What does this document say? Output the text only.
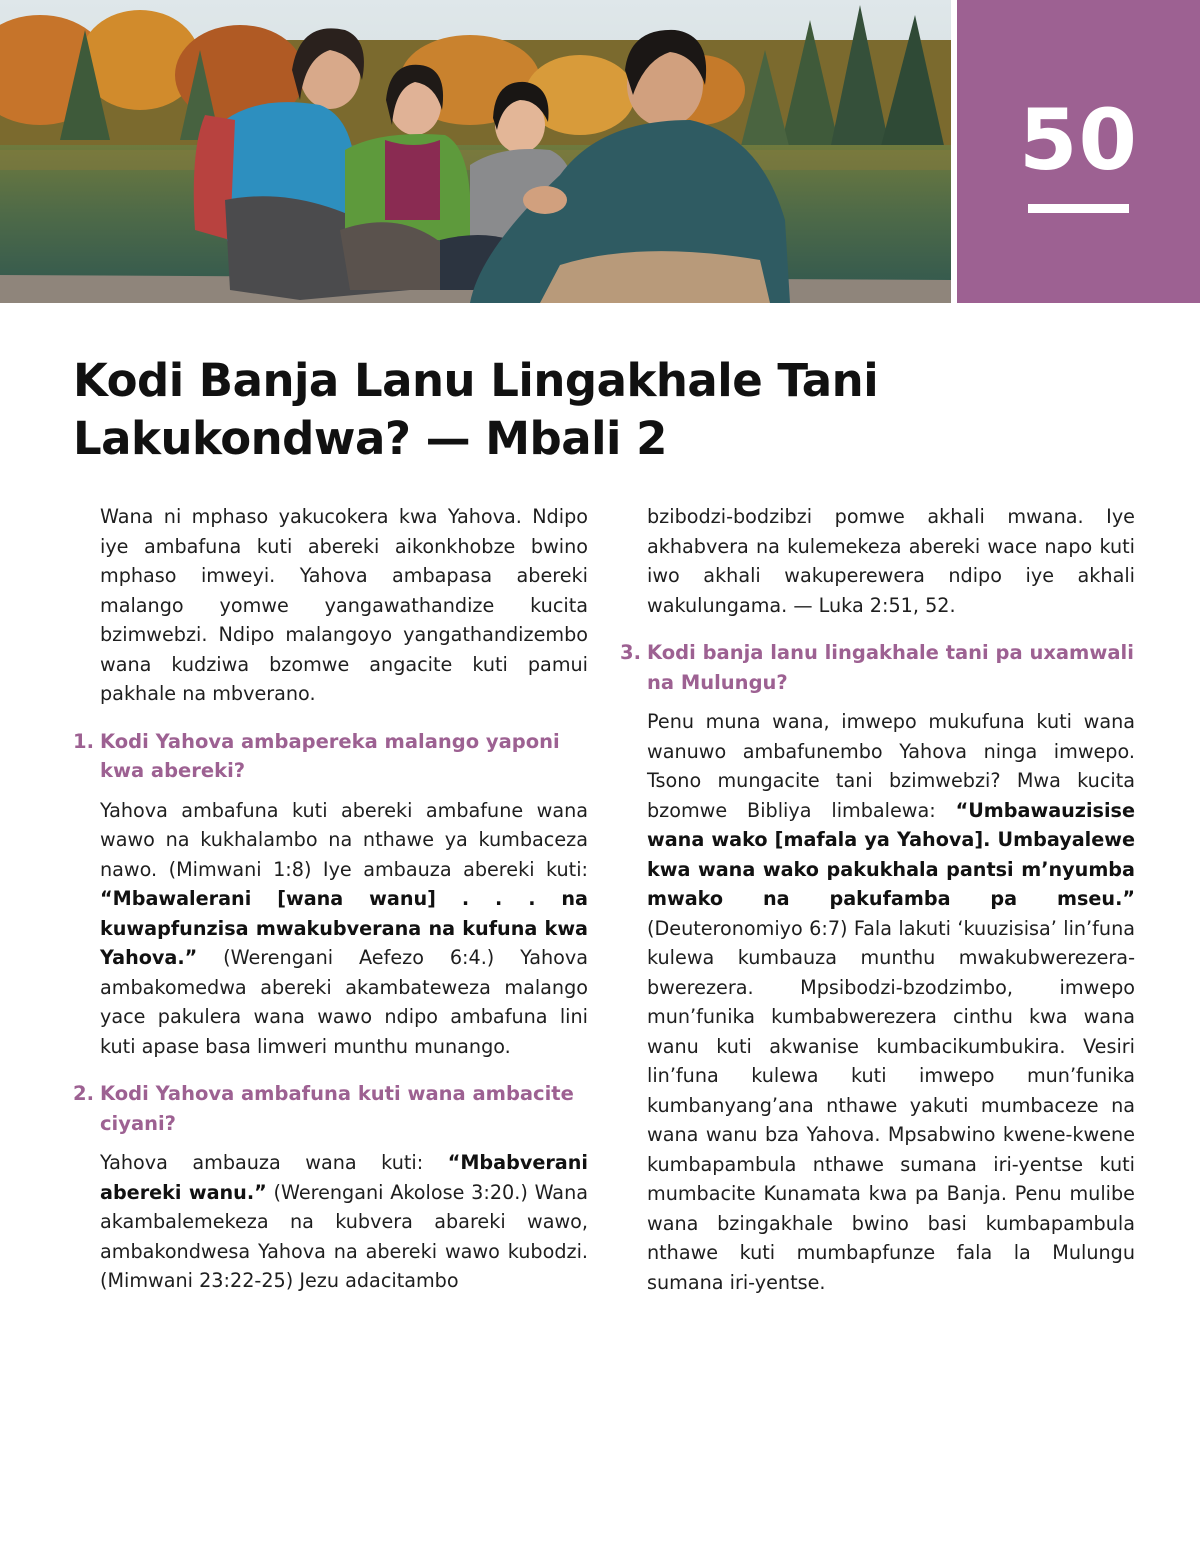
50
Kodi Banja Lanu Lingakhale Tani Lakukondwa? — Mbali 2

Wana ni mphaso yakucokera kwa Yahova. Ndipo iye ambafuna kuti abereki aikonkhobze bwino mphaso imweyi. Yahova ambapasa abereki malango yomwe yangawathandize kucita bzimwebzi. Ndipo malangoyo yangathandizembo wana kudziwa bzomwe angacite kuti pamui pakhale na mbverano.

1. Kodi Yahova ambapereka malango yaponi kwa abereki?

Yahova ambafuna kuti abereki ambafune wana wawo na kukhalambo na nthawe ya kumbaceza nawo. (Mimwani 1:8) Iye ambauza abereki kuti: “Mbawalerani [wana wanu] . . . na kuwapfunzisa mwakubverana na kufuna kwa Yahova.” (Werengani Aefezo 6:4.) Yahova ambakomedwa abereki akambateweza malango yace pakulera wana wawo ndipo ambafuna lini kuti apase basa limweri munthu munango.

2. Kodi Yahova ambafuna kuti wana ambacite ciyani?

Yahova ambauza wana kuti: “Mbabverani abereki wanu.” (Werengani Akolose 3:20.) Wana akambalemekeza na kubvera abareki wawo, ambakondwesa Yahova na abereki wawo kubodzi. (Mimwani 23:22-25) Jezu adacitambo

bzibodzi-bodzibzi pomwe akhali mwana. Iye akhabvera na kulemekeza abereki wace napo kuti iwo akhali wakuperewera ndipo iye akhali wakulungama. — Luka 2:51, 52.

3. Kodi banja lanu lingakhale tani pa uxamwali na Mulungu?

Penu muna wana, imwepo mukufuna kuti wana wanuwo ambafunembo Yahova ninga imwepo. Tsono mungacite tani bzimwebzi? Mwa kucita bzomwe Bibliya limbalewa: “Umbawauzisise wana wako [mafala ya Yahova]. Umbayalewe kwa wana wako pakukhala pantsi m’nyumba mwako na pakufamba pa mseu.” (Deuteronomiyo 6:7) Fala lakuti ‘kuuzisisa’ lin’funa kulewa kumbauza munthu mwakubwerezera-bwerezera. Mpsibodzi-bzodzimbo, imwepo mun’funika kumbabwerezera cinthu kwa wana wanu kuti akwanise kumbacikumbukira. Vesiri lin’funa kulewa kuti imwepo mun’funika kumbanyang’ana nthawe yakuti mumbaceze na wana wanu bza Yahova. Mpsabwino kwene-kwene kumbapambula nthawe sumana iri-yentse kuti mumbacite Kunamata kwa pa Banja. Penu mulibe wana bzingakhale bwino basi kumbapambula nthawe kuti mumbapfunze fala la Mulungu sumana iri-yentse.
